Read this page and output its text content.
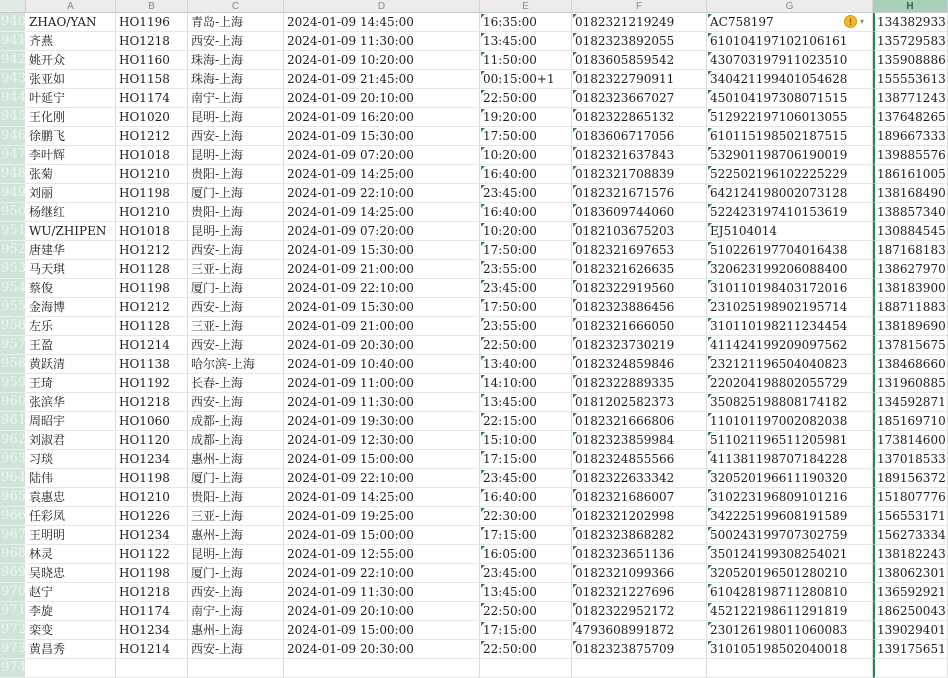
A	B	C	D	E	F	G	H
940 ZHAO/YAN	HO1196	青岛-上海	2024-01-09 14:45:00	16:35:00	0182321219249	AC758197	!	▾	134382933
941 齐燕	HO1218	西安-上海	2024-01-09 11:30:00	13:45:00	0182323892055	610104197102106161	135729583
942 姚开众	HO1160	珠海-上海	2024-01-09 10:20:00	11:50:00	0183605859542	430703197911023510	135908886
943 张亚如	HO1158	珠海-上海	2024-01-09 21:45:00	00:15:00+1	0182322790911	340421199401054628	155553613
944 叶延宁	HO1174	南宁-上海	2024-01-09 20:10:00	22:50:00	0182323667027	450104197308071515	138771243
945 王化刚	HO1020	昆明-上海	2024-01-09 16:20:00	19:20:00	0182322865132	512922197106013055	137648265
946 徐鹏飞	HO1212	西安-上海	2024-01-09 15:30:00	17:50:00	0183606717056	610115198502187515	189667333
947 李叶辉	HO1018	昆明-上海	2024-01-09 07:20:00	10:20:00	0182321637843	532901198706190019	139885576
948 张菊	HO1210	贵阳-上海	2024-01-09 14:25:00	16:40:00	0182321708839	522502196102225229	186161005
949 刘丽	HO1198	厦门-上海	2024-01-09 22:10:00	23:45:00	0182321671576	642124198002073128	138168490
950 杨继红	HO1210	贵阳-上海	2024-01-09 14:25:00	16:40:00	0183609744060	522423197410153619	138857340
951 WU/ZHIPEN	HO1018	昆明-上海	2024-01-09 07:20:00	10:20:00	0182103675203	EJ5104014	130884545
952 唐建华	HO1212	西安-上海	2024-01-09 15:30:00	17:50:00	0182321697653	510226197704016438	187168183
953 马天琪	HO1128	三亚-上海	2024-01-09 21:00:00	23:55:00	0182321626635	320623199206088400	138627970
954 蔡俊	HO1198	厦门-上海	2024-01-09 22:10:00	23:45:00	0182322919560	310110198403172016	138183900
955 金海博	HO1212	西安-上海	2024-01-09 15:30:00	17:50:00	0182323886456	231025198902195714	188711883
956 左乐	HO1128	三亚-上海	2024-01-09 21:00:00	23:55:00	0182321666050	310110198211234454	138189690
957 王盈	HO1214	西安-上海	2024-01-09 20:30:00	22:50:00	0182323730219	411424199209097562	137815675
958 黄跃清	HO1138	哈尔滨-上海	2024-01-09 10:40:00	13:40:00	0182324859846	232121196504040823	138468660
959 王琦	HO1192	长春-上海	2024-01-09 11:00:00	14:10:00	0182322889335	220204198802055729	131960885
960 张滨华	HO1218	西安-上海	2024-01-09 11:30:00	13:45:00	0181202582373	350825198808174182	134592871
961 周昭宇	HO1060	成都-上海	2024-01-09 19:30:00	22:15:00	0182321666806	110101197002082038	185169710
962 刘淑君	HO1120	成都-上海	2024-01-09 12:30:00	15:10:00	0182323859984	511021196511205981	173814600
963 习琰	HO1234	惠州-上海	2024-01-09 15:00:00	17:15:00	0182324855566	411381198707184228	137018533
964 陆伟	HO1198	厦门-上海	2024-01-09 22:10:00	23:45:00	0182322633342	320520196611190320	189156372
965 袁惠忠	HO1210	贵阳-上海	2024-01-09 14:25:00	16:40:00	0182321686007	310223196809101216	151807776
966 任彩凤	HO1226	三亚-上海	2024-01-09 19:25:00	22:30:00	0182321202998	342225199608191589	156553171
967 王明明	HO1234	惠州-上海	2024-01-09 15:00:00	17:15:00	0182323868282	500243199707302759	156273334
968 林灵	HO1122	昆明-上海	2024-01-09 12:55:00	16:05:00	0182323651136	350124199308254021	138182243
969 吴晓忠	HO1198	厦门-上海	2024-01-09 22:10:00	23:45:00	0182321099366	320520196501280210	138062301
970 赵宁	HO1218	西安-上海	2024-01-09 11:30:00	13:45:00	0182321227696	610428198711280810	136592921
971 李旋	HO1174	南宁-上海	2024-01-09 20:10:00	22:50:00	0182322952172	452122198611291819	186250043
972 栾变	HO1234	惠州-上海	2024-01-09 15:00:00	17:15:00	4793608991872	230126198011060083	139029401
973 黄昌秀	HO1214	西安-上海	2024-01-09 20:30:00	22:50:00	0182323875709	310105198502040018	139175651
974
